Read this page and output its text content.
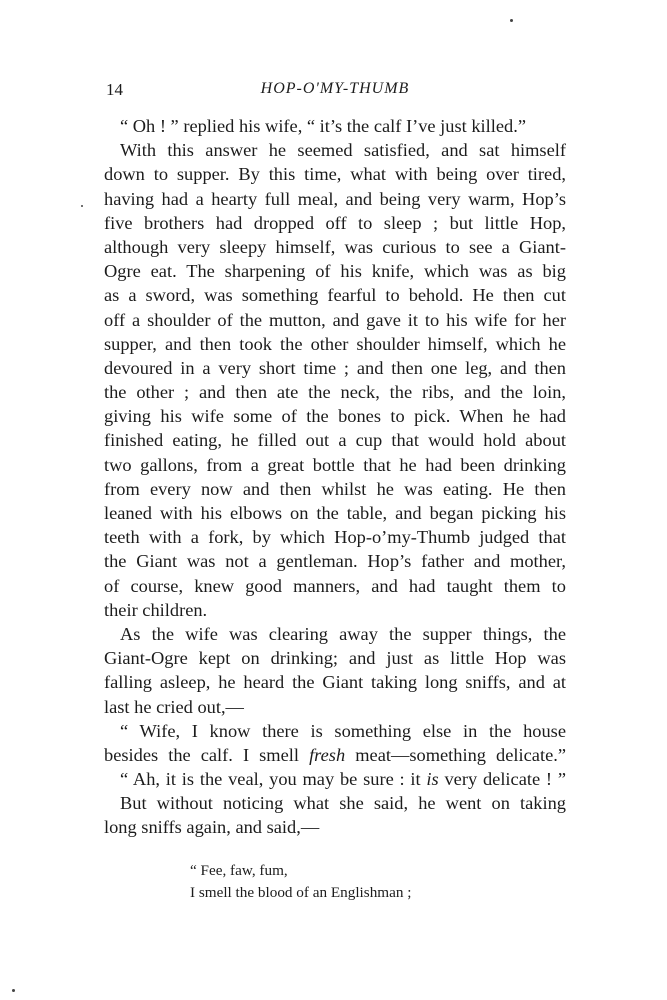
14	HOP-O'MY-THUMB
“ Oh ! ” replied his wife, “ it’s the calf I’ve just killed.”
With this answer he seemed satisfied, and sat himself
down to supper. By this time, what with being over tired,
having had a hearty full meal, and being very warm, Hop’s
five brothers had dropped off to sleep ; but little Hop,
although very sleepy himself, was curious to see a Giant-
Ogre eat. The sharpening of his knife, which was as big
as a sword, was something fearful to behold. He then cut
off a shoulder of the mutton, and gave it to his wife for her
supper, and then took the other shoulder himself, which he
devoured in a very short time ; and then one leg, and then
the other ; and then ate the neck, the ribs, and the loin,
giving his wife some of the bones to pick. When he had
finished eating, he filled out a cup that would hold about
two gallons, from a great bottle that he had been drinking
from every now and then whilst he was eating. He then
leaned with his elbows on the table, and began picking his
teeth with a fork, by which Hop-o’my-Thumb judged that
the Giant was not a gentleman. Hop’s father and mother,
of course, knew good manners, and had taught them to
their children.
As the wife was clearing away the supper things, the
Giant-Ogre kept on drinking; and just as little Hop was
falling asleep, he heard the Giant taking long sniffs, and at
last he cried out,—
“ Wife, I know there is something else in the house
besides the calf. I smell fresh meat—something delicate.”
“ Ah, it is the veal, you may be sure : it is very delicate ! ”
But without noticing what she said, he went on taking
long sniffs again, and said,—
“ Fee, faw, fum,
I smell the blood of an Englishman ;
